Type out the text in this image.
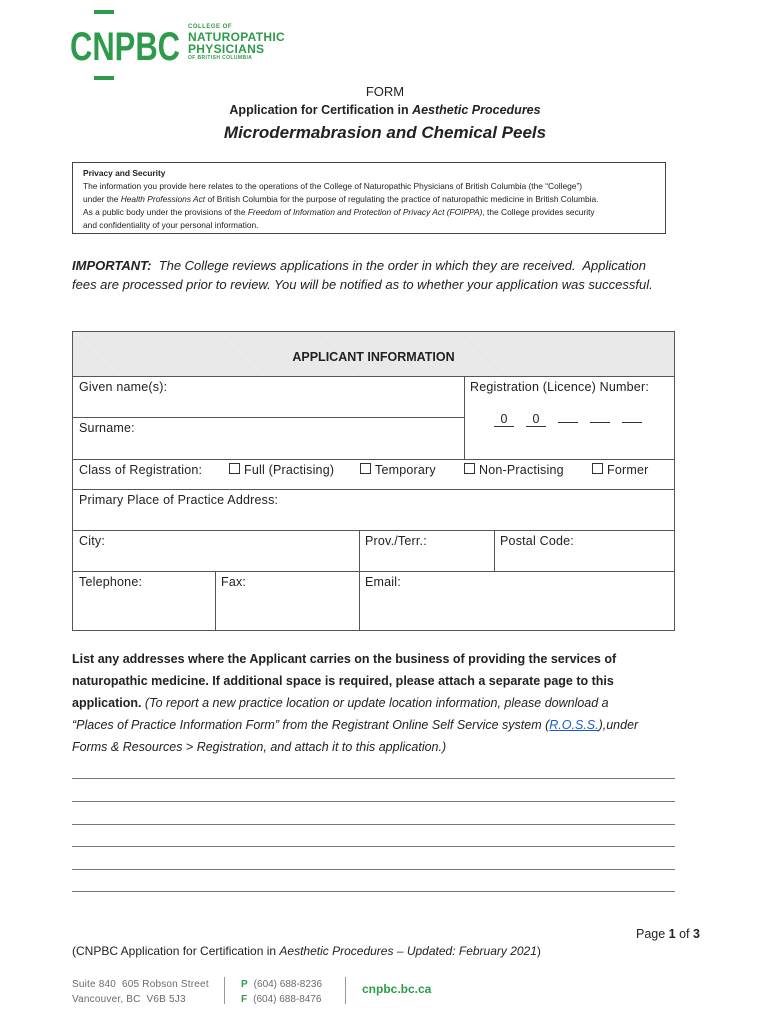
CNPBC COLLEGE OF
NATUROPATHIC
PHYSICIANS
OF BRITISH COLUMBIA
FORM
Application for Certification in Aesthetic Procedures
Microdermabrasion and Chemical Peels
Privacy and Security
The information you provide here relates to the operations of the College of Naturopathic Physicians of British Columbia (the “College”)
under the Health Professions Act of British Columbia for the purpose of regulating the practice of naturopathic medicine in British Columbia.
As a public body under the provisions of the Freedom of Information and Protection of Privacy Act (FOIPPA), the College provides security
and confidentiality of your personal information.
IMPORTANT:  The College reviews applications in the order in which they are received.  Application
fees are processed prior to review. You will be notified as to whether your application was successful.
APPLICANT INFORMATION
Given name(s):	Registration (Licence) Number:
0 0
Surname:
Class of Registration:	Full (Practising)	Temporary	Non-Practising	Former
Primary Place of Practice Address:
City:	Prov./Terr.:	Postal Code:
Telephone:	Fax:	Email:
List any addresses where the Applicant carries on the business of providing the services of
naturopathic medicine. If additional space is required, please attach a separate page to this
application. (To report a new practice location or update location information, please download a
“Places of Practice Information Form” from the Registrant Online Self Service system (R.O.S.S.),under
Forms & Resources > Registration, and attach it to this application.)
Page 1 of 3
(CNPBC Application for Certification in Aesthetic Procedures – Updated: February 2021)
Suite 840  605 Robson Street
Vancouver, BC  V6B 5J3
P (604) 688-8236
F (604) 688-8476
cnpbc.bc.ca
